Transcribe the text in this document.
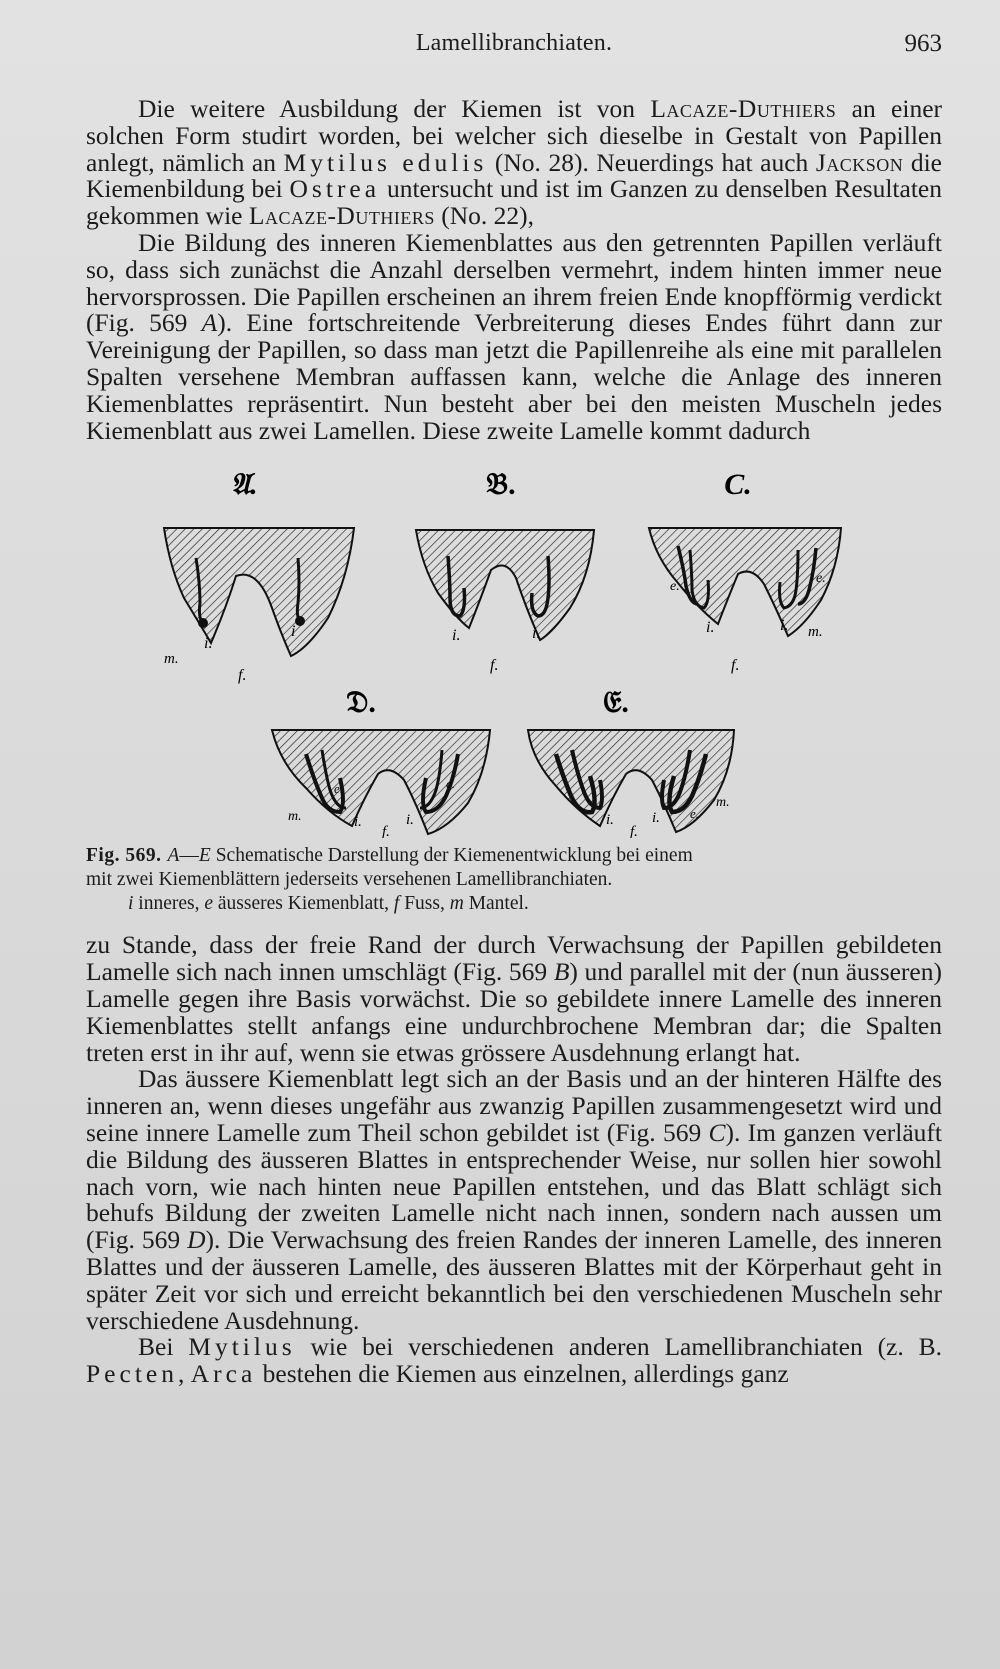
Lamellibranchiaten.	963

Die weitere Ausbildung der Kiemen ist von Lacaze-Duthiers an einer solchen Form studirt worden, bei welcher sich dieselbe in Gestalt von Papillen anlegt, nämlich an Mytilus edulis (No. 28). Neuerdings hat auch Jackson die Kiemenbildung bei Ostrea untersucht und ist im Ganzen zu denselben Resultaten gekommen wie Lacaze-Duthiers (No. 22),

Die Bildung des inneren Kiemenblattes aus den getrennten Papillen verläuft so, dass sich zunächst die Anzahl derselben vermehrt, indem hinten immer neue hervorsprossen. Die Papillen erscheinen an ihrem freien Ende knopfförmig verdickt (Fig. 569 A). Eine fortschreitende Verbreiterung dieses Endes führt dann zur Vereinigung der Papillen, so dass man jetzt die Papillenreihe als eine mit parallelen Spalten versehene Membran auffassen kann, welche die Anlage des inneren Kiemenblattes repräsentirt. Nun besteht aber bei den meisten Muscheln jedes Kiemenblatt aus zwei Lamellen. Diese zweite Lamelle kommt dadurch

𝔄.
i.
i
m.
f.
𝔅.
i.	i.
f.
C.
e.
e.
i.	i. m.
f.
𝔇.
e.	e.
i.	i.
m.
f.
𝔈.
i.	i. e.
m.
f.
Fig. 569. A—E Schematische Darstellung der Kiemenentwicklung bei einem
mit zwei Kiemenblättern jederseits versehenen Lamellibranchiaten.
i inneres, e äusseres Kiemenblatt, f Fuss, m Mantel.

zu Stande, dass der freie Rand der durch Verwachsung der Papillen gebildeten Lamelle sich nach innen umschlägt (Fig. 569 B) und parallel mit der (nun äusseren) Lamelle gegen ihre Basis vorwächst. Die so gebildete innere Lamelle des inneren Kiemenblattes stellt anfangs eine undurchbrochene Membran dar; die Spalten treten erst in ihr auf, wenn sie etwas grössere Ausdehnung erlangt hat.

Das äussere Kiemenblatt legt sich an der Basis und an der hinteren Hälfte des inneren an, wenn dieses ungefähr aus zwanzig Papillen zusammengesetzt wird und seine innere Lamelle zum Theil schon gebildet ist (Fig. 569 C). Im ganzen verläuft die Bildung des äusseren Blattes in entsprechender Weise, nur sollen hier sowohl nach vorn, wie nach hinten neue Papillen entstehen, und das Blatt schlägt sich behufs Bildung der zweiten Lamelle nicht nach innen, sondern nach aussen um (Fig. 569 D). Die Verwachsung des freien Randes der inneren Lamelle, des inneren Blattes und der äusseren Lamelle, des äusseren Blattes mit der Körperhaut geht in später Zeit vor sich und erreicht bekanntlich bei den verschiedenen Muscheln sehr verschiedene Ausdehnung.

Bei Mytilus wie bei verschiedenen anderen Lamellibranchiaten (z. B. Pecten, Arca bestehen die Kiemen aus einzelnen, allerdings ganz
